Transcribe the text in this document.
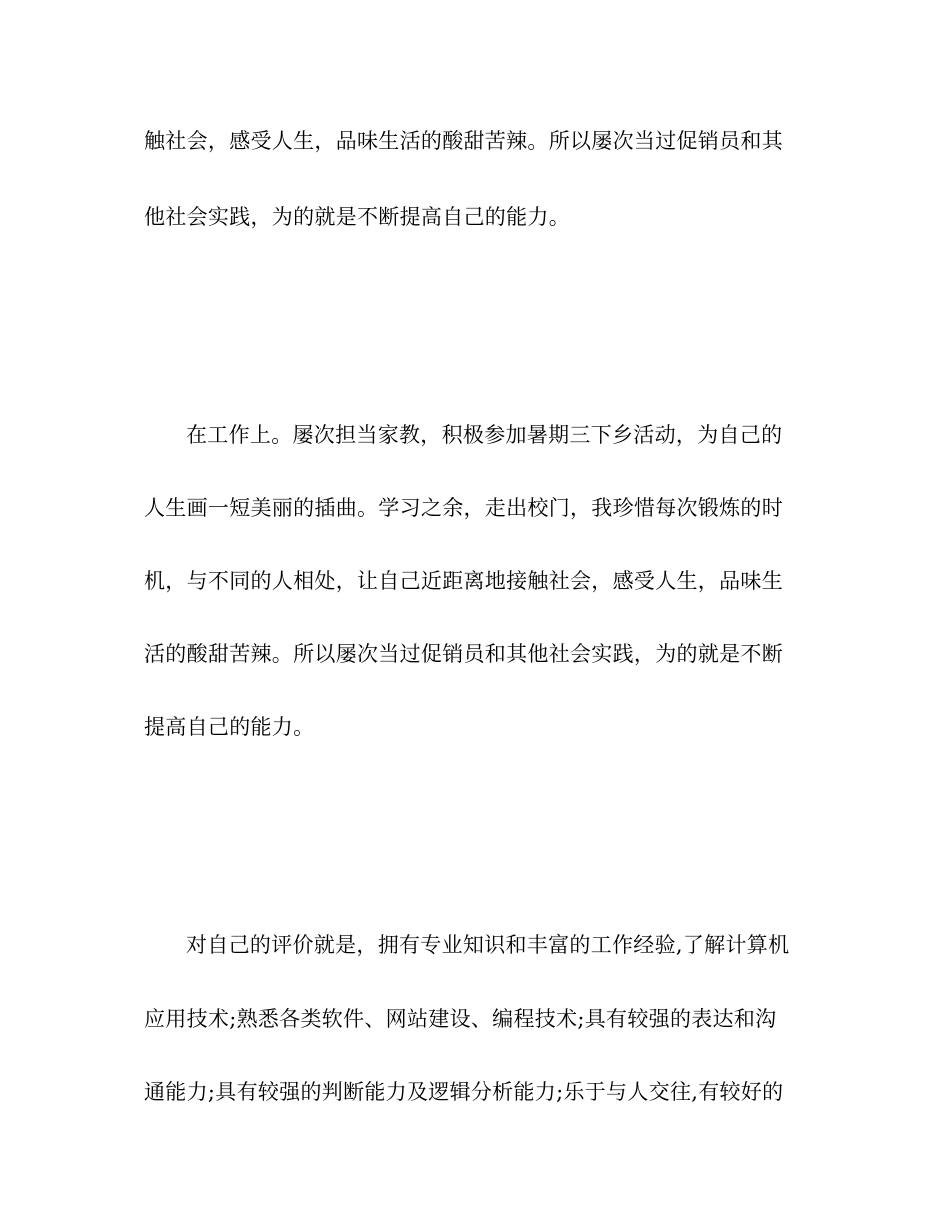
触社会，感受人生，品味生活的酸甜苦辣。所以屡次当过促销员和其
他社会实践，为的就是不断提高自己的能力。
在工作上。屡次担当家教，积极参加暑期三下乡活动，为自己的
人生画一短美丽的插曲。学习之余，走出校门，我珍惜每次锻炼的时
机，与不同的人相处，让自己近距离地接触社会，感受人生，品味生
活的酸甜苦辣。所以屡次当过促销员和其他社会实践，为的就是不断
提高自己的能力。
对自己的评价就是，拥有专业知识和丰富的工作经验,了解计算机
应用技术;熟悉各类软件、网站建设、编程技术;具有较强的表达和沟
通能力;具有较强的判断能力及逻辑分析能力;乐于与人交往,有较好的
